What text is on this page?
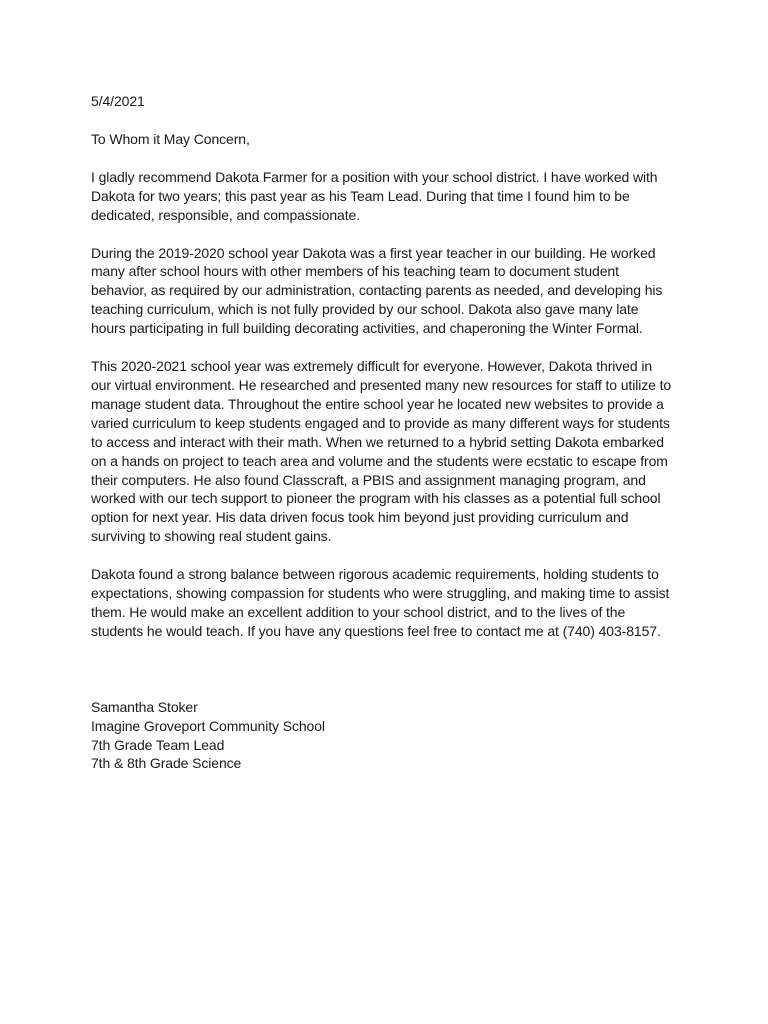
5/4/2021
To Whom it May Concern,
I gladly recommend Dakota Farmer for a position with your school district. I have worked with
Dakota for two years; this past year as his Team Lead. During that time I found him to be
dedicated, responsible, and compassionate.
During the 2019-2020 school year Dakota was a first year teacher in our building. He worked
many after school hours with other members of his teaching team to document student
behavior, as required by our administration, contacting parents as needed, and developing his
teaching curriculum, which is not fully provided by our school. Dakota also gave many late
hours participating in full building decorating activities, and chaperoning the Winter Formal.
This 2020-2021 school year was extremely difficult for everyone. However, Dakota thrived in
our virtual environment. He researched and presented many new resources for staff to utilize to
manage student data. Throughout the entire school year he located new websites to provide a
varied curriculum to keep students engaged and to provide as many different ways for students
to access and interact with their math. When we returned to a hybrid setting Dakota embarked
on a hands on project to teach area and volume and the students were ecstatic to escape from
their computers. He also found Classcraft, a PBIS and assignment managing program, and
worked with our tech support to pioneer the program with his classes as a potential full school
option for next year. His data driven focus took him beyond just providing curriculum and
surviving to showing real student gains.
Dakota found a strong balance between rigorous academic requirements, holding students to
expectations, showing compassion for students who were struggling, and making time to assist
them. He would make an excellent addition to your school district, and to the lives of the
students he would teach. If you have any questions feel free to contact me at (740) 403-8157.
Samantha Stoker
Imagine Groveport Community School
7th Grade Team Lead
7th & 8th Grade Science
